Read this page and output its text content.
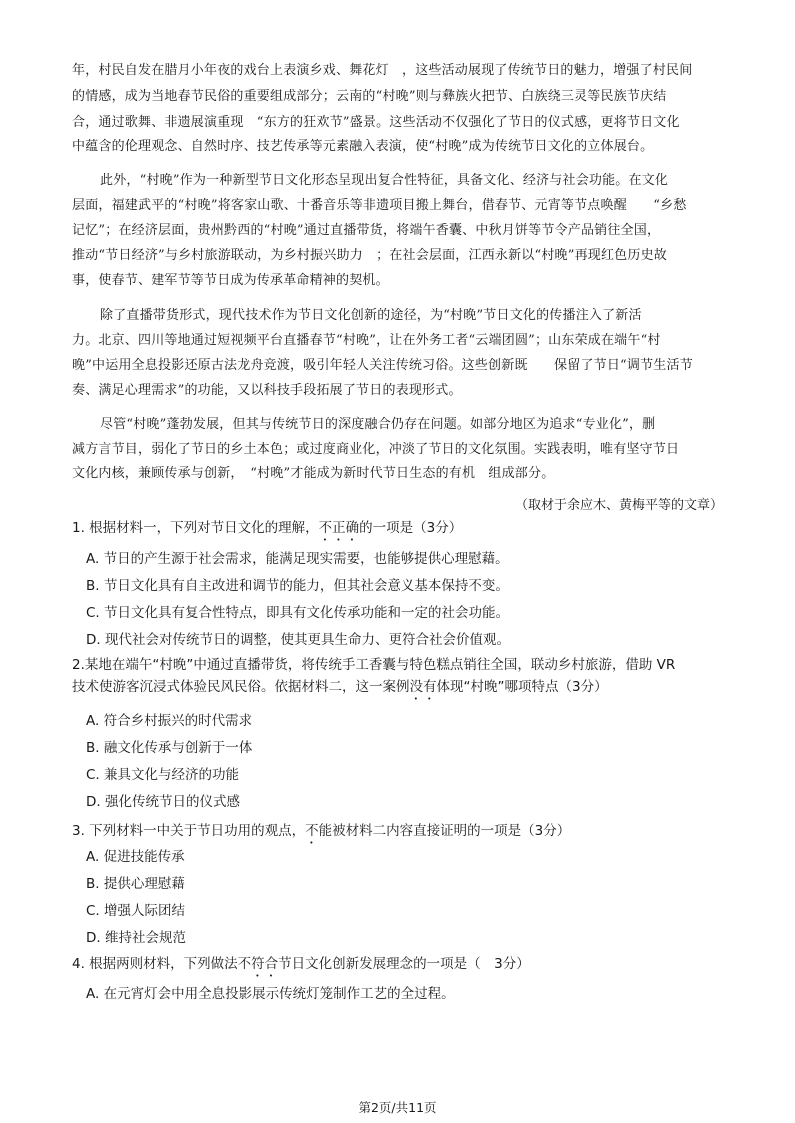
年，村民自发在腊月小年夜的戏台上表演乡戏、舞花灯　，这些活动展现了传统节日的魅力，增强了村民间
的情感，成为当地春节民俗的重要组成部分；云南的“村晚”则与彝族火把节、白族绕三灵等民族节庆结
合，通过歌舞、非遗展演重现　“东方的狂欢节”盛景。这些活动不仅强化了节日的仪式感，更将节日文化
中蕴含的伦理观念、自然时序、技艺传承等元素融入表演，使“村晚”成为传统节日文化的立体展台。
此外，“村晚”作为一种新型节日文化形态呈现出复合性特征，具备文化、经济与社会功能。在文化
层面，福建武平的“村晚”将客家山歌、十番音乐等非遗项目搬上舞台，借春节、元宵等节点唤醒　　“乡愁
记忆”；在经济层面，贵州黔西的“村晚”通过直播带货，将端午香囊、中秋月饼等节令产品销往全国，
推动“节日经济”与乡村旅游联动，为乡村振兴助力　；在社会层面，江西永新以“村晚”再现红色历史故
事，使春节、建军节等节日成为传承革命精神的契机。
除了直播带货形式，现代技术作为节日文化创新的途径，为“村晚”节日文化的传播注入了新活
力。北京、四川等地通过短视频平台直播春节“村晚”，让在外务工者“云端团圆”；山东荣成在端午“村
晚”中运用全息投影还原古法龙舟竞渡，吸引年轻人关注传统习俗。这些创新既　　保留了节日“调节生活节
奏、满足心理需求”的功能，又以科技手段拓展了节日的表现形式。
尽管“村晚”蓬勃发展，但其与传统节日的深度融合仍存在问题。如部分地区为追求“专业化”，删
减方言节目，弱化了节日的乡土本色；或过度商业化，冲淡了节日的文化氛围。实践表明，唯有坚守节日
文化内核，兼顾传承与创新，　“村晚”才能成为新时代节日生态的有机　组成部分。
（取材于余应木、黄梅平等的文章）
1. 根据材料一，下列对节日文化的理解，不正确的一项是（3分）
A. 节日的产生源于社会需求，能满足现实需要，也能够提供心理慰藉。
B. 节日文化具有自主改进和调节的能力，但其社会意义基本保持不变。
C. 节日文化具有复合性特点，即具有文化传承功能和一定的社会功能。
D. 现代社会对传统节日的调整，使其更具生命力、更符合社会价值观。
2.某地在端午“村晚”中通过直播带货，将传统手工香囊与特色糕点销往全国，联动乡村旅游，借助 VR
技术使游客沉浸式体验民风民俗。依据材料二，这一案例没有体现“村晚”哪项特点（3分）
A. 符合乡村振兴的时代需求
B. 融文化传承与创新于一体
C. 兼具文化与经济的功能
D. 强化传统节日的仪式感
3. 下列材料一中关于节日功用的观点，不能被材料二内容直接证明的一项是（3分）
A. 促进技能传承
B. 提供心理慰藉
C. 增强人际团结
D. 维持社会规范
4. 根据两则材料，下列做法不符合节日文化创新发展理念的一项是（　3分）
A. 在元宵灯会中用全息投影展示传统灯笼制作工艺的全过程。
第2页/共11页
